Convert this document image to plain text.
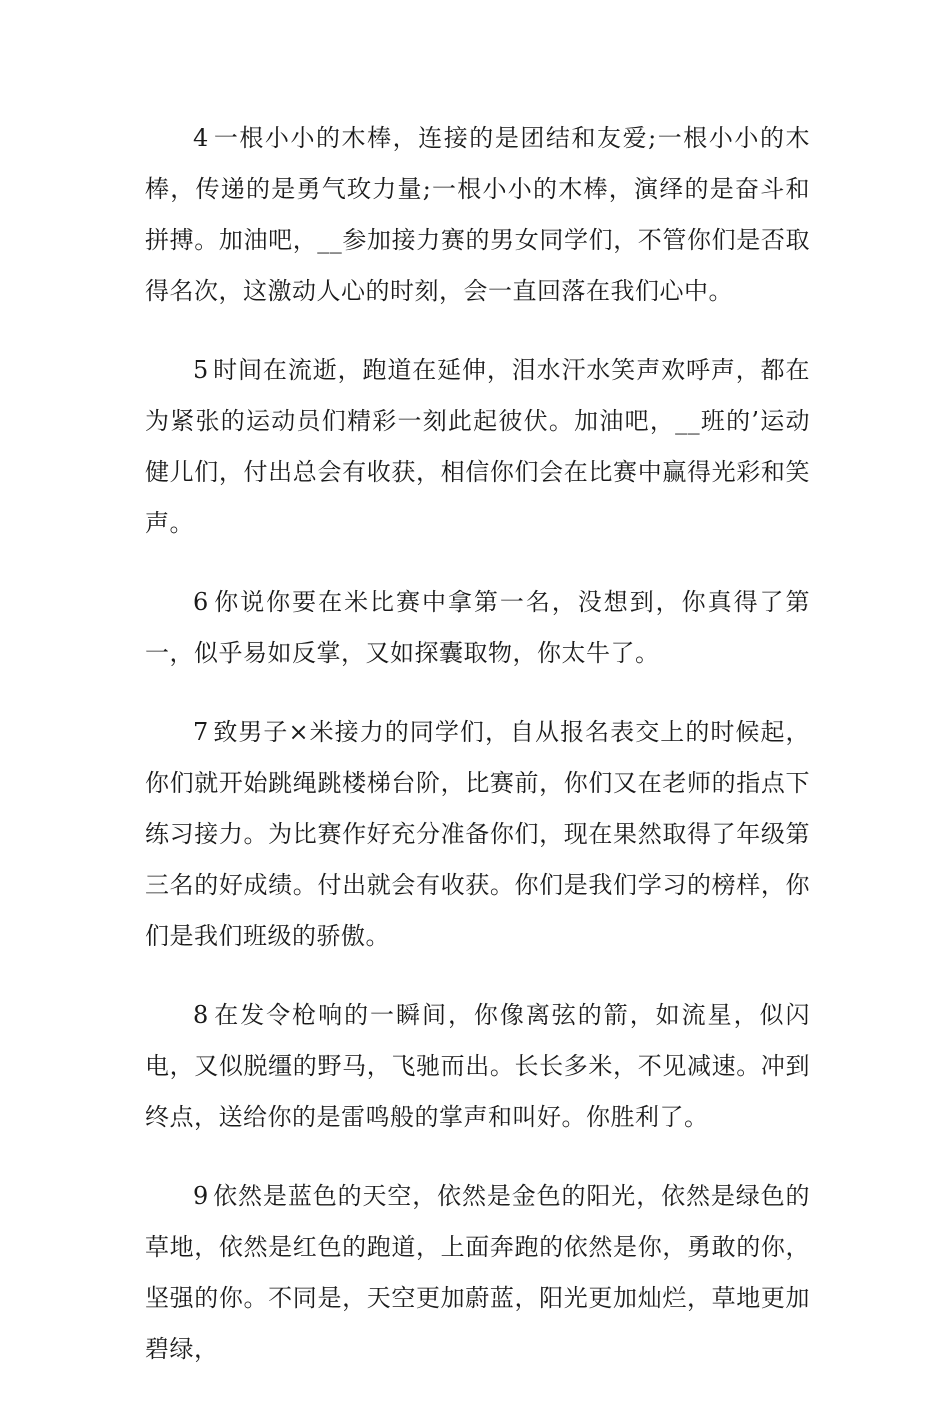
4 一根小小的木棒，连接的是团结和友爱;一根小小的木棒，传递的是勇气玫力量;一根小小的木棒，演绎的是奋斗和拼搏。加油吧，__参加接力赛的男女同学们，不管你们是否取得名次，这激动人心的时刻，会一直回落在我们心中。

5 时间在流逝，跑道在延伸，泪水汗水笑声欢呼声，都在为紧张的运动员们精彩一刻此起彼伏。加油吧，__班的’运动健儿们，付出总会有收获，相信你们会在比赛中赢得光彩和笑声。

6 你说你要在米比赛中拿第一名，没想到，你真得了第一，似乎易如反掌，又如探囊取物，你太牛了。

7 致男子×米接力的同学们，自从报名表交上的时候起，你们就开始跳绳跳楼梯台阶，比赛前，你们又在老师的指点下练习接力。为比赛作好充分准备你们，现在果然取得了年级第三名的好成绩。付出就会有收获。你们是我们学习的榜样，你们是我们班级的骄傲。

8 在发令枪响的一瞬间，你像离弦的箭，如流星，似闪电，又似脱缰的野马，飞驰而出。长长多米，不见减速。冲到终点，送给你的是雷鸣般的掌声和叫好。你胜利了。

9 依然是蓝色的天空，依然是金色的阳光，依然是绿色的草地，依然是红色的跑道，上面奔跑的依然是你，勇敢的你，坚强的你。不同是，天空更加蔚蓝，阳光更加灿烂，草地更加碧绿，
